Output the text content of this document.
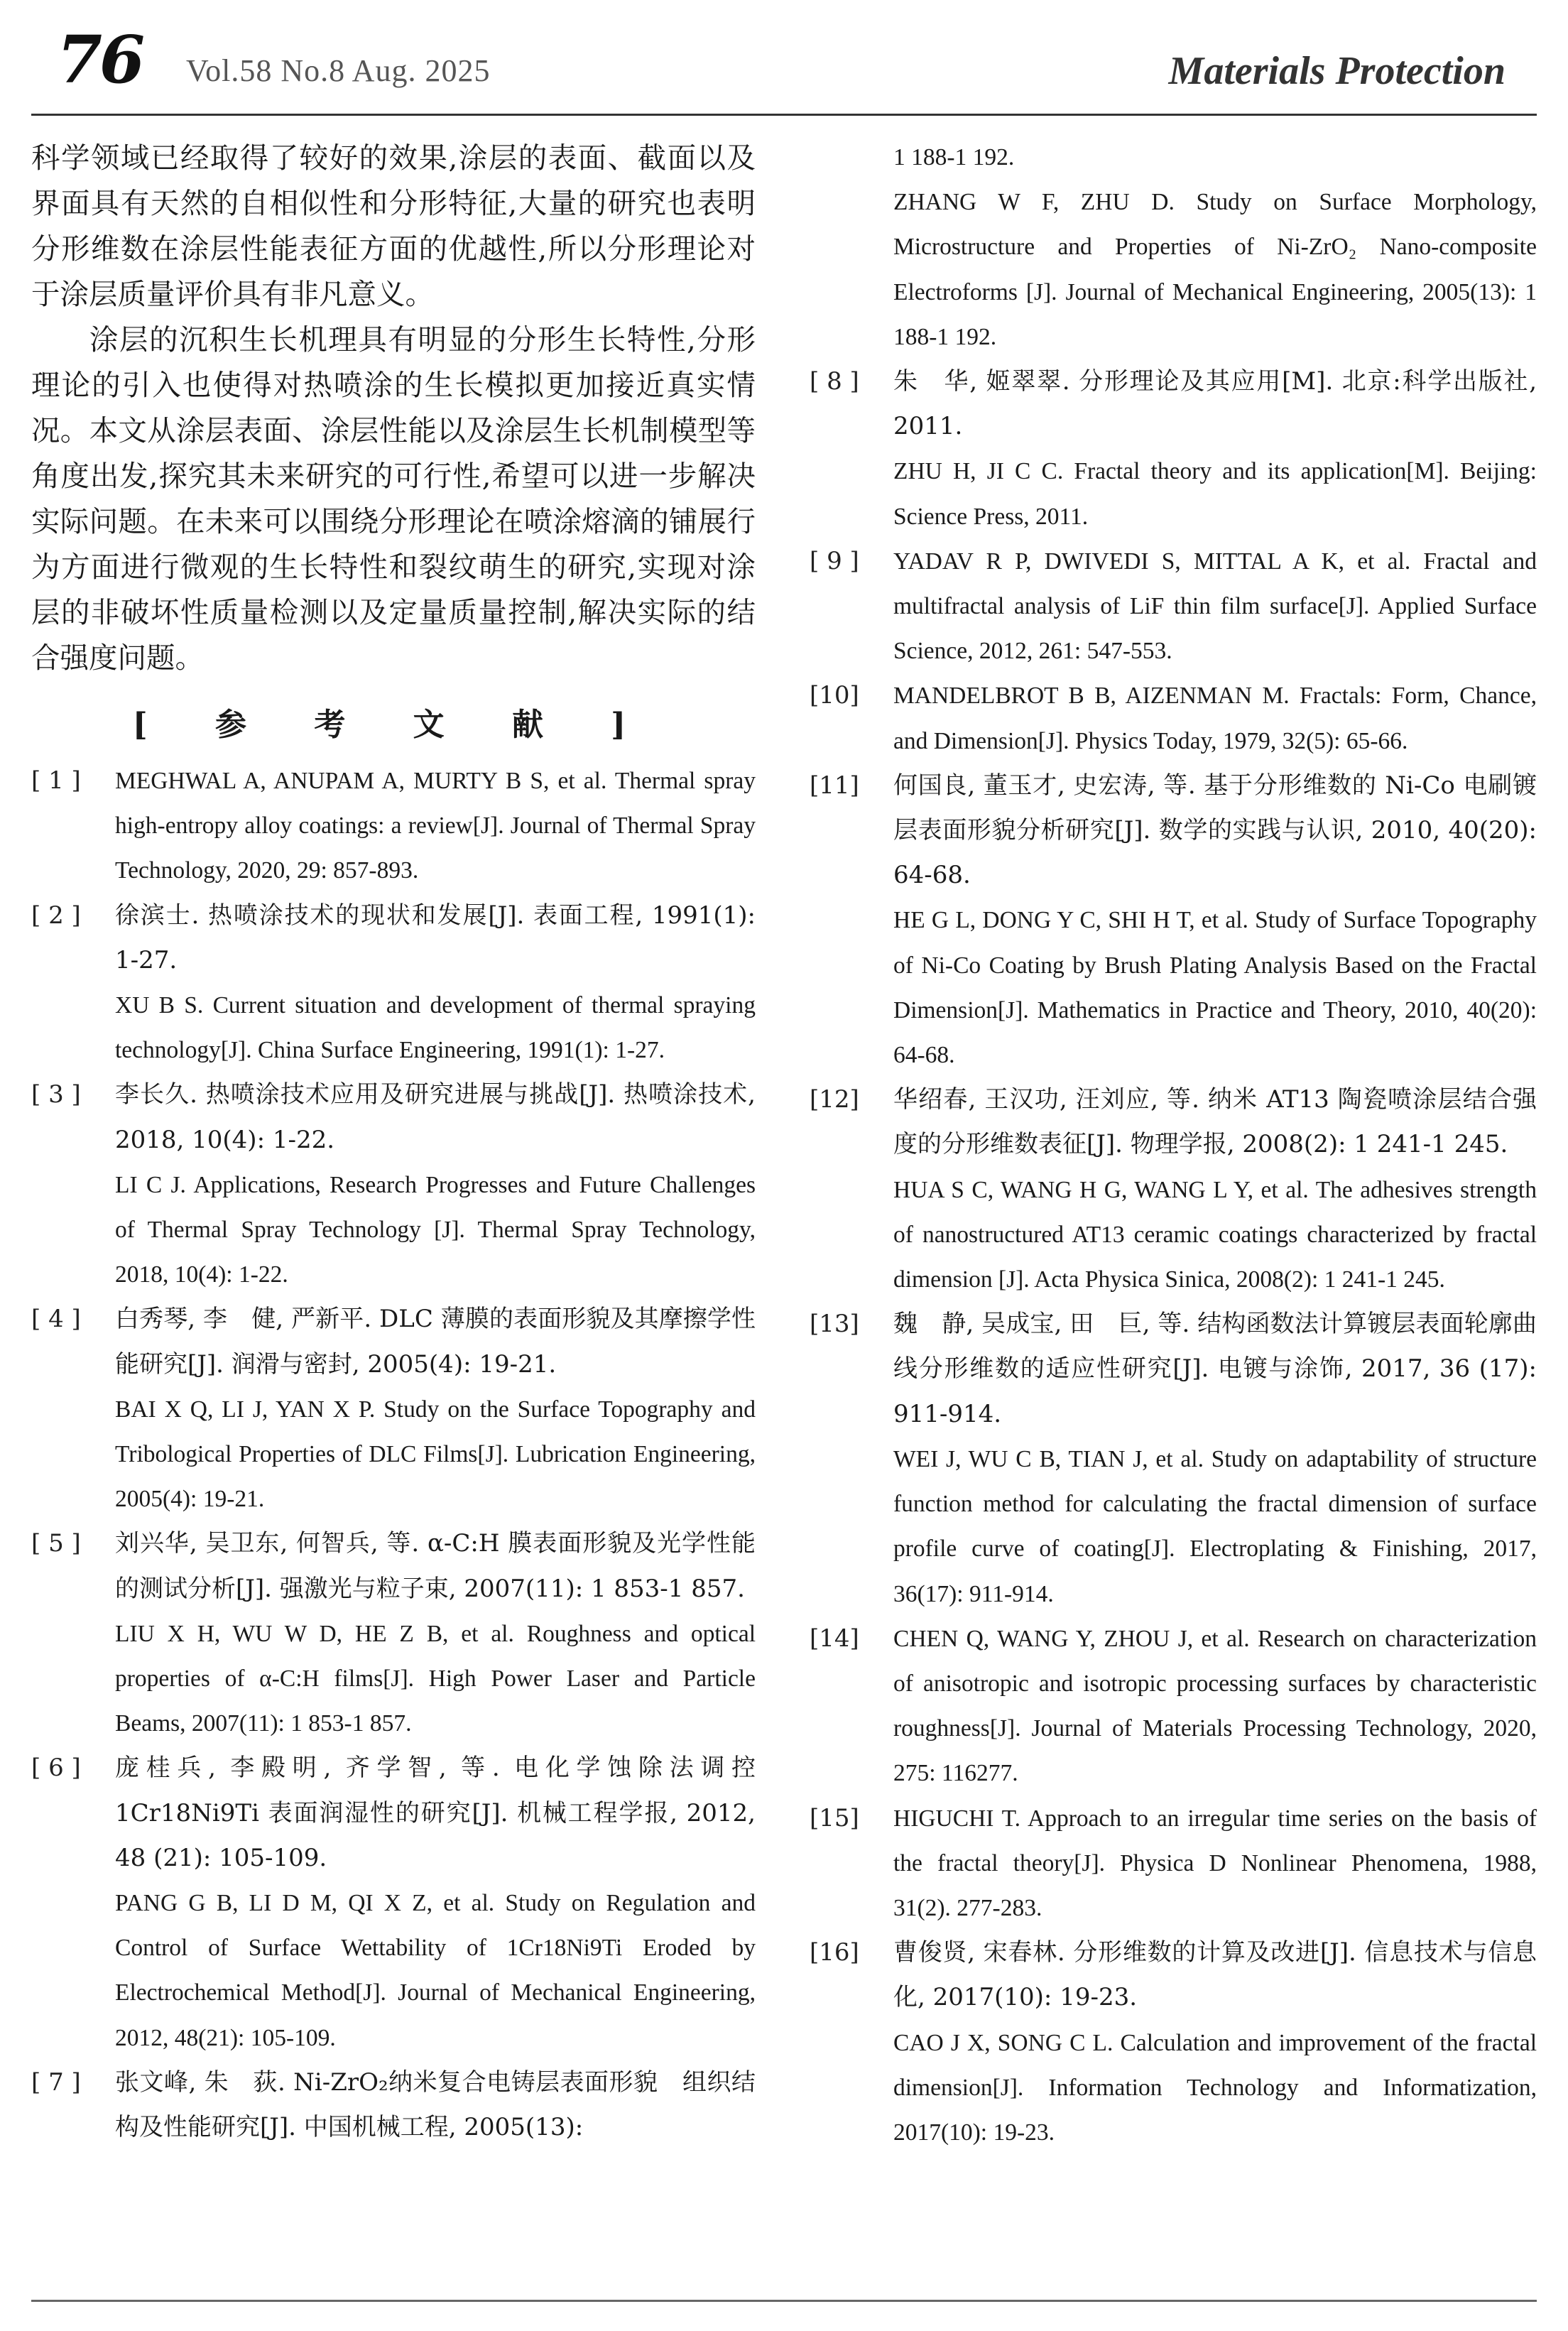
76 Vol.58 No.8 Aug. 2025	Materials Protection

科学领域已经取得了较好的效果,涂层的表面、截面以及界面具有天然的自相似性和分形特征,大量的研究也表明分形维数在涂层性能表征方面的优越性,所以分形理论对于涂层质量评价具有非凡意义。

涂层的沉积生长机理具有明显的分形生长特性,分形理论的引入也使得对热喷涂的生长模拟更加接近真实情况。本文从涂层表面、涂层性能以及涂层生长机制模型等角度出发,探究其未来研究的可行性,希望可以进一步解决实际问题。在未来可以围绕分形理论在喷涂熔滴的铺展行为方面进行微观的生长特性和裂纹萌生的研究,实现对涂层的非破坏性质量检测以及定量质量控制,解决实际的结合强度问题。

[ 参 考 文 献 ]
[ 1 ] MEGHWAL A, ANUPAM A, MURTY B S, et al. Thermal spray high-entropy alloy coatings: a review[J]. Journal of Thermal Spray Technology, 2020, 29: 857-893.

[ 2 ] 徐滨士. 热喷涂技术的现状和发展[J]. 表面工程, 1991(1): 1-27.

XU B S. Current situation and development of thermal spraying technology[J]. China Surface Engineering, 1991(1): 1-27.

[ 3 ] 李长久. 热喷涂技术应用及研究进展与挑战[J]. 热喷涂技术, 2018, 10(4): 1-22.

LI C J. Applications, Research Progresses and Future Challenges of Thermal Spray Technology [J]. Thermal Spray Technology, 2018, 10(4): 1-22.

[ 4 ] 白秀琴, 李　健, 严新平. DLC 薄膜的表面形貌及其摩擦学性能研究[J]. 润滑与密封, 2005(4): 19-21.

BAI X Q, LI J, YAN X P. Study on the Surface Topography and Tribological Properties of DLC Films[J]. Lubrication Engineering, 2005(4): 19-21.

[ 5 ] 刘兴华, 吴卫东, 何智兵, 等. α-C:H 膜表面形貌及光学性能的测试分析[J]. 强激光与粒子束, 2007(11): 1 853-1 857.

LIU X H, WU W D, HE Z B, et al. Roughness and optical properties of α-C:H films[J]. High Power Laser and Particle Beams, 2007(11): 1 853-1 857.

[ 6 ] 庞桂兵, 李殿明, 齐学智, 等. 电化学蚀除法调控 1Cr18Ni9Ti 表面润湿性的研究[J]. 机械工程学报, 2012, 48 (21): 105-109.

PANG G B, LI D M, QI X Z, et al. Study on Regulation and Control of Surface Wettability of 1Cr18Ni9Ti Eroded by Electrochemical Method[J]. Journal of Mechanical Engineering, 2012, 48(21): 105-109.

[ 7 ] 张文峰, 朱　荻. Ni-ZrO₂纳米复合电铸层表面形貌　组织结构及性能研究[J]. 中国机械工程, 2005(13):

1 188-1 192.

ZHANG W F, ZHU D. Study on Surface Morphology, Microstructure and Properties of Ni-ZrO₂ Nano-composite Electroforms [J]. Journal of Mechanical Engineering, 2005(13): 1 188-1 192.

[ 8 ] 朱　华, 姬翠翠. 分形理论及其应用[M]. 北京:科学出版社, 2011.

ZHU H, JI C C. Fractal theory and its application[M]. Beijing: Science Press, 2011.

[ 9 ] YADAV R P, DWIVEDI S, MITTAL A K, et al. Fractal and multifractal analysis of LiF thin film surface[J]. Applied Surface Science, 2012, 261: 547-553.

[10] MANDELBROT B B, AIZENMAN M. Fractals: Form, Chance, and Dimension[J]. Physics Today, 1979, 32(5): 65-66.

[11] 何国良, 董玉才, 史宏涛, 等. 基于分形维数的 Ni-Co 电刷镀层表面形貌分析研究[J]. 数学的实践与认识, 2010, 40(20): 64-68.

HE G L, DONG Y C, SHI H T, et al. Study of Surface Topography of Ni-Co Coating by Brush Plating Analysis Based on the Fractal Dimension[J]. Mathematics in Practice and Theory, 2010, 40(20): 64-68.

[12] 华绍春, 王汉功, 汪刘应, 等. 纳米 AT13 陶瓷喷涂层结合强度的分形维数表征[J]. 物理学报, 2008(2): 1 241-1 245.

HUA S C, WANG H G, WANG L Y, et al. The adhesives strength of nanostructured AT13 ceramic coatings characterized by fractal dimension [J]. Acta Physica Sinica, 2008(2): 1 241-1 245.

[13] 魏　静, 吴成宝, 田　巨, 等. 结构函数法计算镀层表面轮廓曲线分形维数的适应性研究[J]. 电镀与涂饰, 2017, 36 (17): 911-914.

WEI J, WU C B, TIAN J, et al. Study on adaptability of structure function method for calculating the fractal dimension of surface profile curve of coating[J]. Electroplating & Finishing, 2017, 36(17): 911-914.

[14] CHEN Q, WANG Y, ZHOU J, et al. Research on characterization of anisotropic and isotropic processing surfaces by characteristic roughness[J]. Journal of Materials Processing Technology, 2020, 275: 116277.

[15] HIGUCHI T. Approach to an irregular time series on the basis of the fractal theory[J]. Physica D Nonlinear Phenomena, 1988, 31(2). 277-283.

[16] 曹俊贤, 宋春林. 分形维数的计算及改进[J]. 信息技术与信息化, 2017(10): 19-23.

CAO J X, SONG C L. Calculation and improvement of the fractal dimension[J]. Information Technology and Informatization, 2017(10): 19-23.
